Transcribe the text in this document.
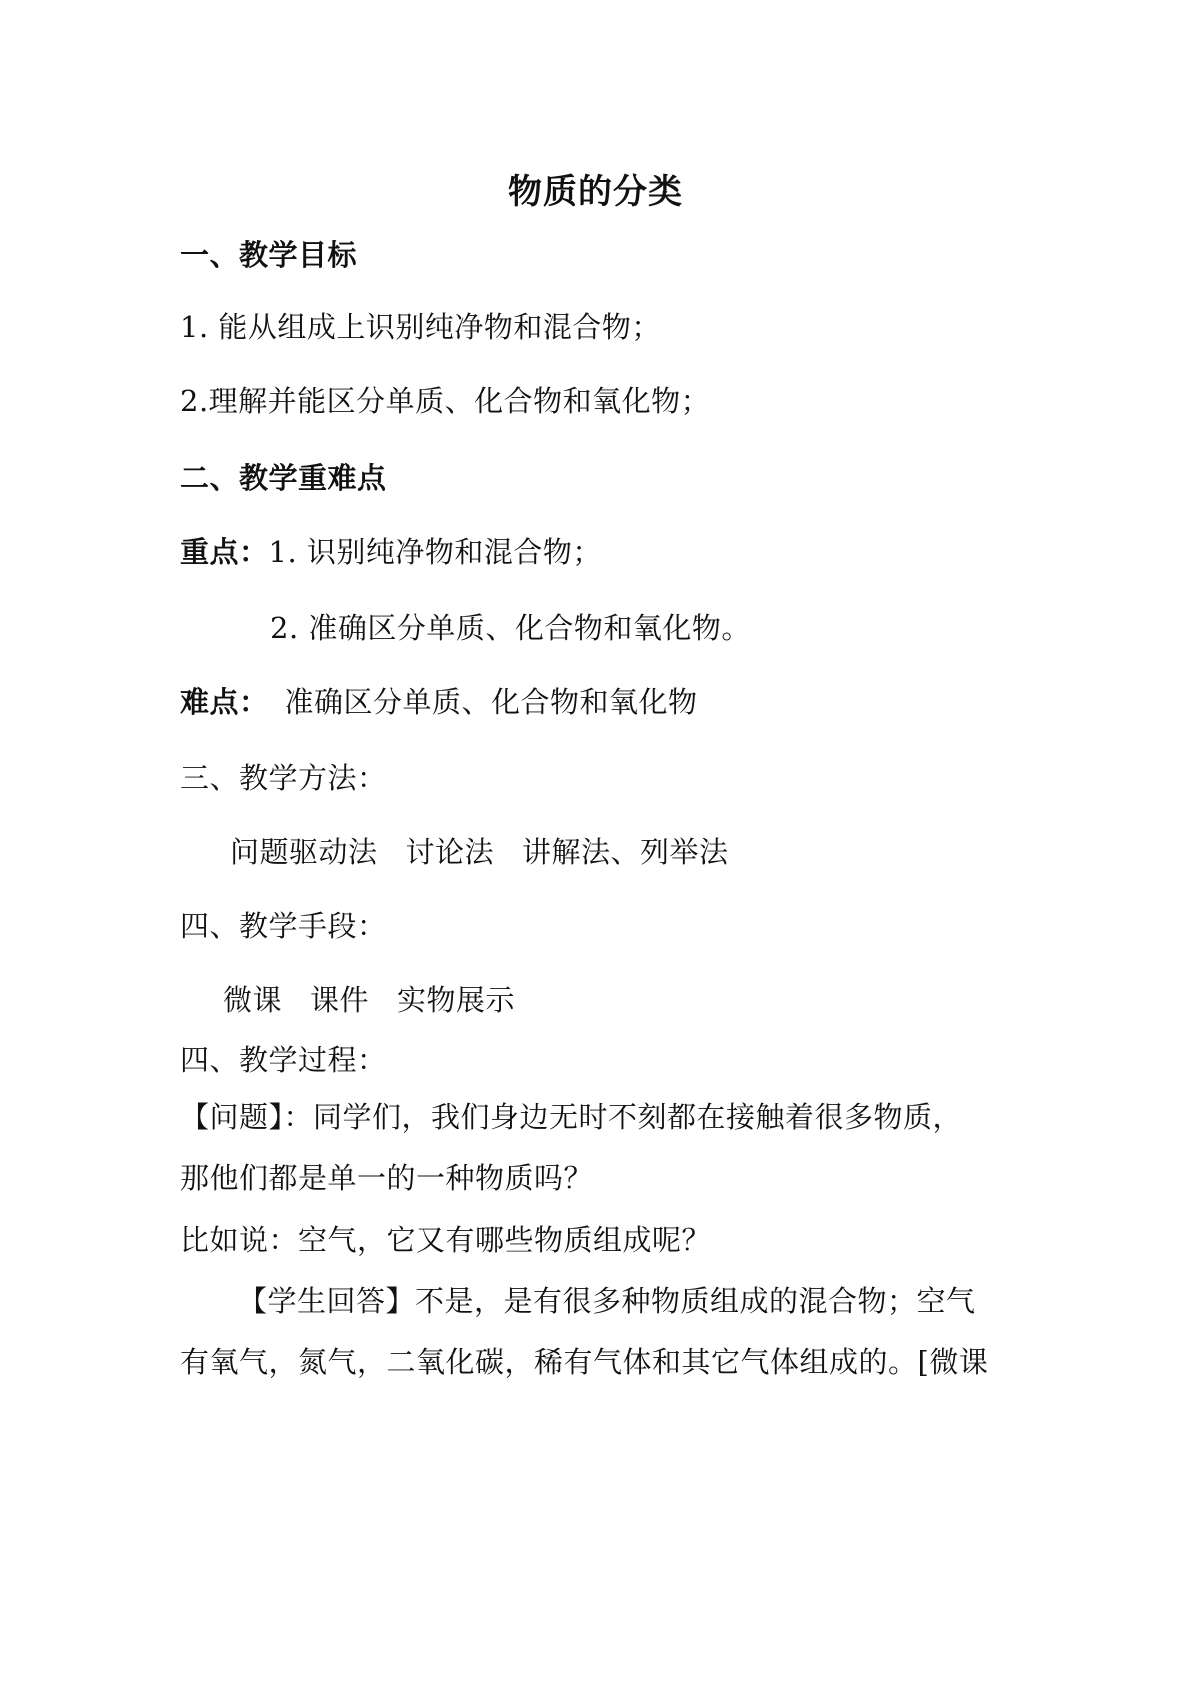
物质的分类
一、教学目标
1. 能从组成上识别纯净物和混合物；
2.理解并能区分单质、化合物和氧化物；
二、教学重难点
重点：1. 识别纯净物和混合物；
2. 准确区分单质、化合物和氧化物。
难点： 准确区分单质、化合物和氧化物
三、教学方法：
问题驱动法 讨论法 讲解法、列举法
四、教学手段：
微课 课件 实物展示
四、教学过程：
【问题】：同学们，我们身边无时不刻都在接触着很多物质，
那他们都是单一的一种物质吗？
比如说：空气，它又有哪些物质组成呢？
【学生回答】不是，是有很多种物质组成的混合物；空气
有氧气，氮气，二氧化碳，稀有气体和其它气体组成的。[微课
